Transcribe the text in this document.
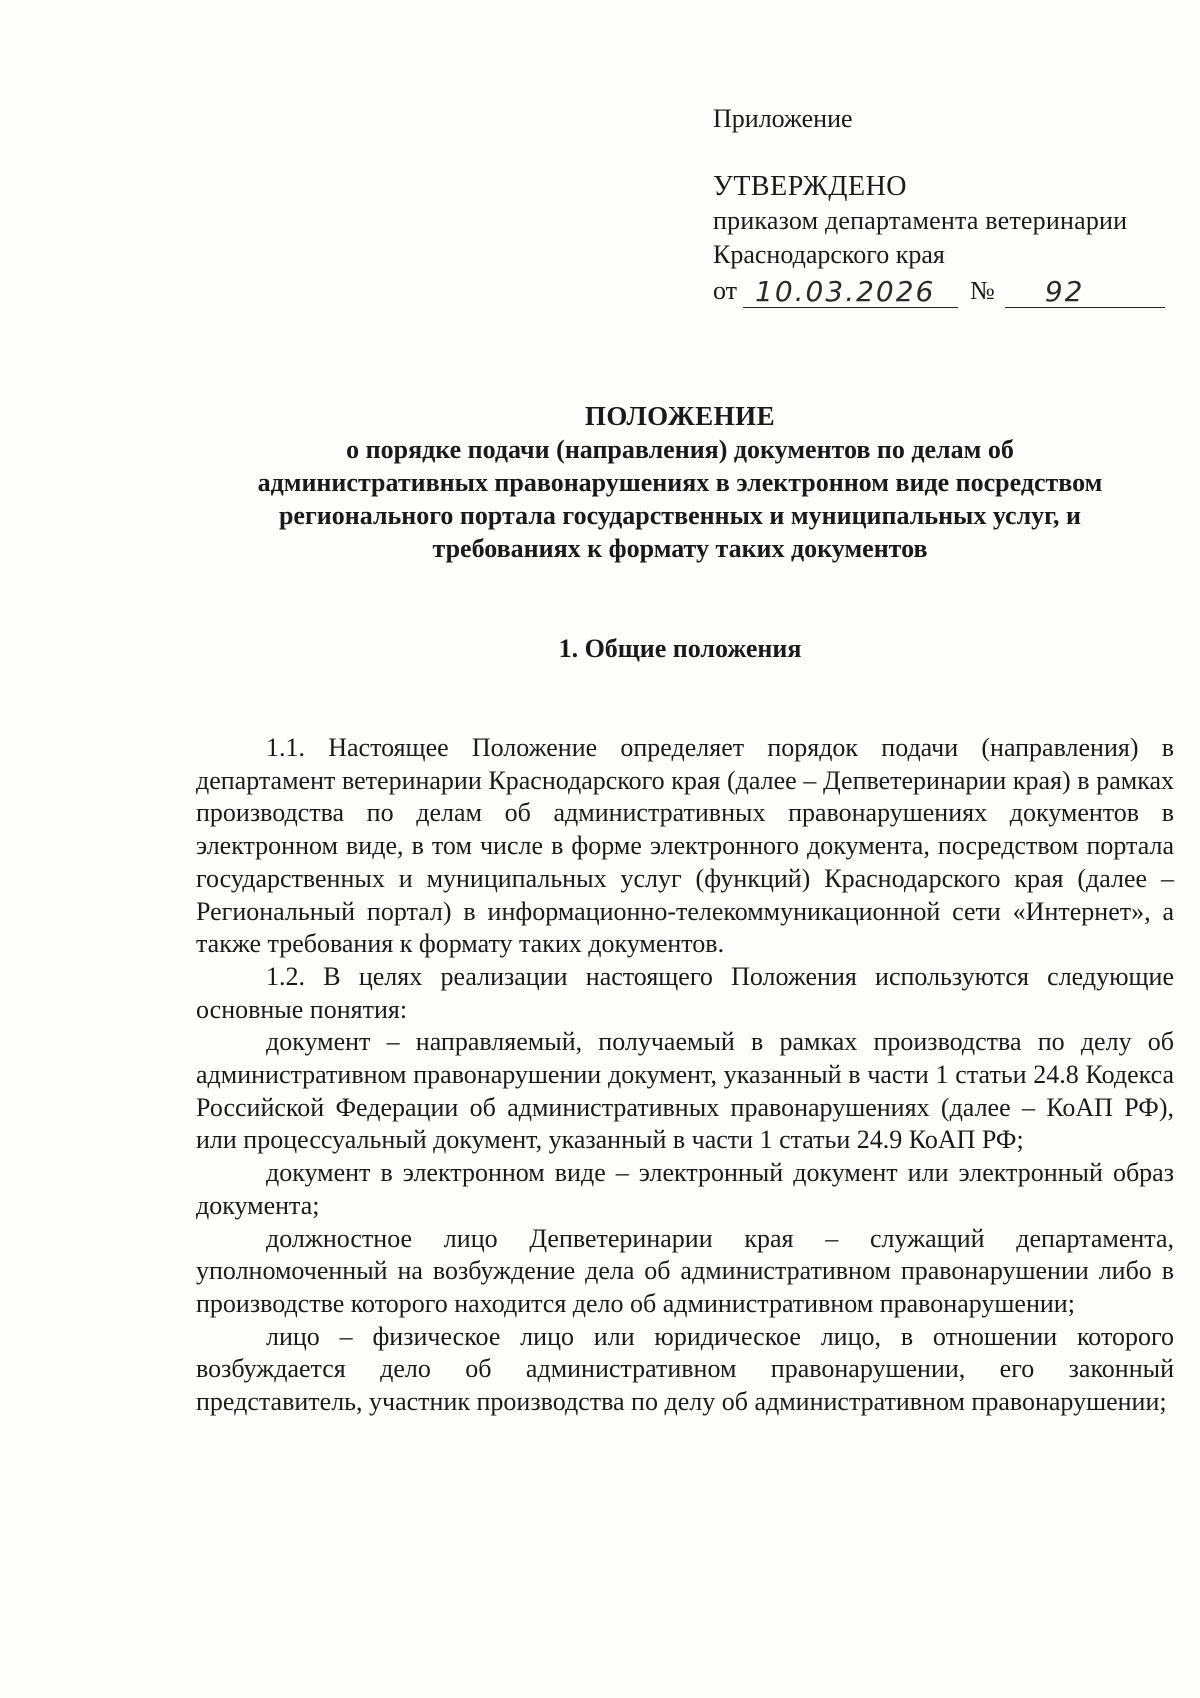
Приложение
УТВЕРЖДЕНО
приказом департамента ветеринарии
Краснодарского края
от 10.03.2026	№	92
ПОЛОЖЕНИЕ
о порядке подачи (направления) документов по делам об
административных правонарушениях в электронном виде посредством
регионального портала государственных и муниципальных услуг, и
требованиях к формату таких документов
1. Общие положения

1.1. Настоящее Положение определяет порядок подачи (направления) в департамент ветеринарии Краснодарского края (далее – Депветеринарии края) в рамках производства по делам об административных правонарушениях документов в электронном виде, в том числе в форме электронного документа, посредством портала государственных и муниципальных услуг (функций) Краснодарского края (далее – Региональный портал) в информационно-телекоммуникационной сети «Интернет», а также требования к формату таких документов.

1.2. В целях реализации настоящего Положения используются следующие основные понятия:

документ – направляемый, получаемый в рамках производства по делу об административном правонарушении документ, указанный в части 1 статьи 24.8 Кодекса Российской Федерации об административных правонарушениях (далее – КоАП РФ), или процессуальный документ, указанный в части 1 статьи 24.9 КоАП РФ;

документ в электронном виде – электронный документ или электронный образ документа;

должностное лицо Депветеринарии края – служащий департамента, уполномоченный на возбуждение дела об административном правонарушении либо в производстве которого находится дело об административном правонарушении;

лицо – физическое лицо или юридическое лицо, в отношении которого возбуждается дело об административном правонарушении, его законный представитель, участник производства по делу об административном правонарушении;
